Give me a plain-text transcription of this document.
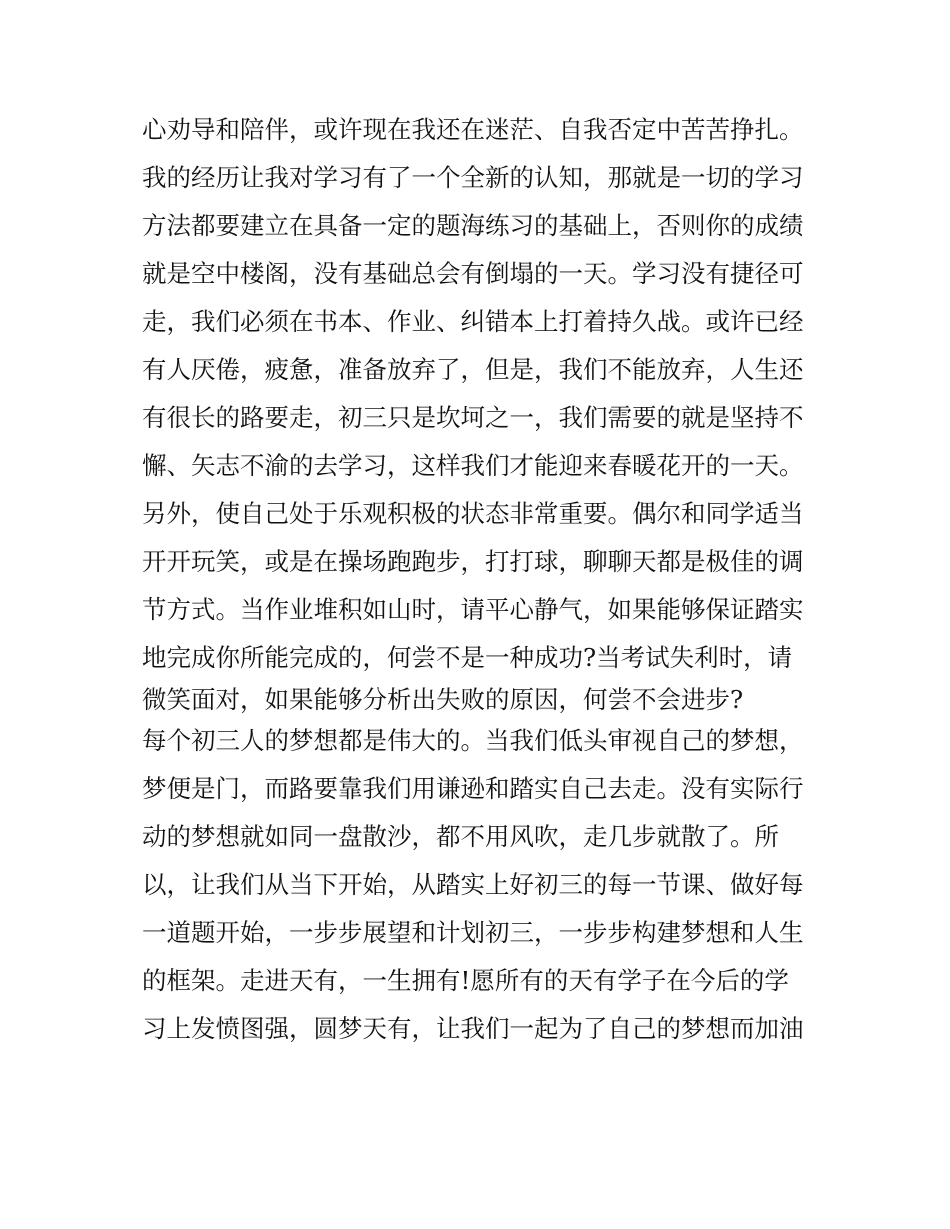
心劝导和陪伴，或许现在我还在迷茫、自我否定中苦苦挣扎。
我的经历让我对学习有了一个全新的认知，那就是一切的学习
方法都要建立在具备一定的题海练习的基础上，否则你的成绩
就是空中楼阁，没有基础总会有倒塌的一天。学习没有捷径可
走，我们必须在书本、作业、纠错本上打着持久战。或许已经
有人厌倦，疲惫，准备放弃了，但是，我们不能放弃，人生还
有很长的路要走，初三只是坎坷之一，我们需要的就是坚持不
懈、矢志不渝的去学习，这样我们才能迎来春暖花开的一天。
另外，使自己处于乐观积极的状态非常重要。偶尔和同学适当
开开玩笑，或是在操场跑跑步，打打球，聊聊天都是极佳的调
节方式。当作业堆积如山时，请平心静气，如果能够保证踏实
地完成你所能完成的，何尝不是一种成功?当考试失利时，请
微笑面对，如果能够分析出失败的原因，何尝不会进步?
每个初三人的梦想都是伟大的。当我们低头审视自己的梦想，
梦便是门，而路要靠我们用谦逊和踏实自己去走。没有实际行
动的梦想就如同一盘散沙，都不用风吹，走几步就散了。所
以，让我们从当下开始，从踏实上好初三的每一节课、做好每
一道题开始，一步步展望和计划初三，一步步构建梦想和人生
的框架。走进天有，一生拥有!愿所有的天有学子在今后的学
习上发愤图强，圆梦天有，让我们一起为了自己的梦想而加油
